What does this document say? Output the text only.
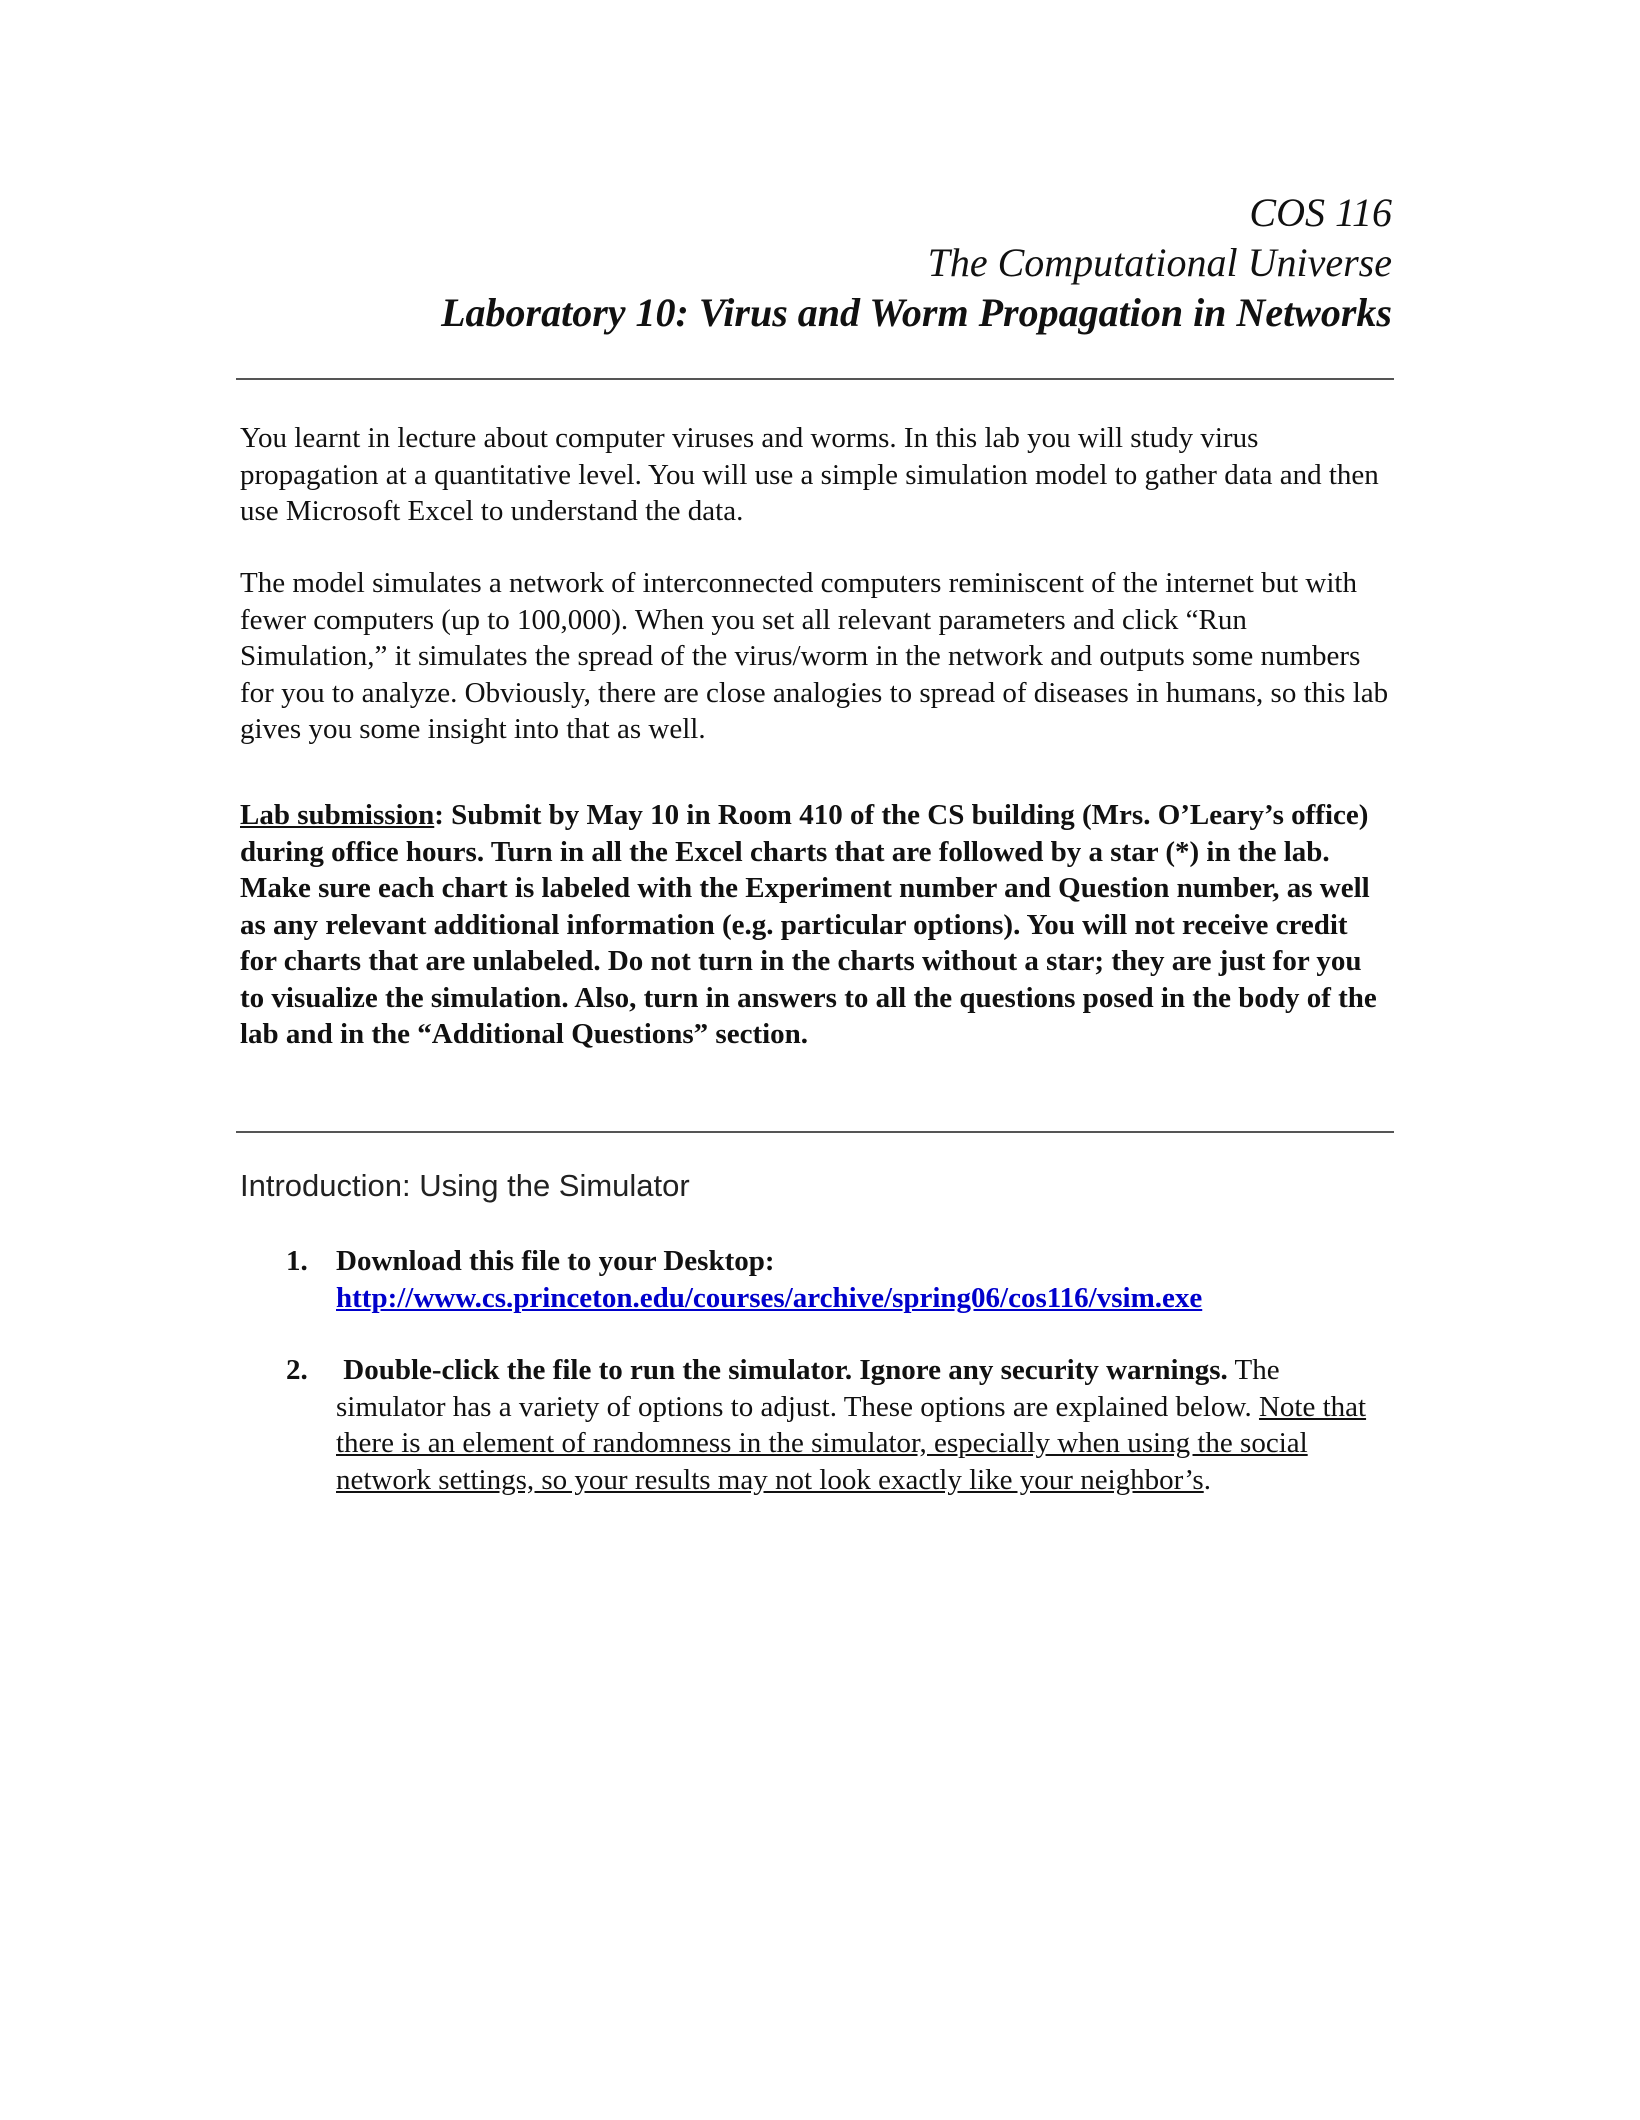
COS 116
The Computational Universe
Laboratory 10: Virus and Worm Propagation in Networks

You learnt in lecture about computer viruses and worms. In this lab you will study virus propagation at a quantitative level. You will use a simple simulation model to gather data and then use Microsoft Excel to understand the data.

The model simulates a network of interconnected computers reminiscent of the internet but with fewer computers (up to 100,000). When you set all relevant parameters and click “Run Simulation,” it simulates the spread of the virus/worm in the network and outputs some numbers for you to analyze. Obviously, there are close analogies to spread of diseases in humans, so this lab gives you some insight into that as well.

Lab submission: Submit by May 10 in Room 410 of the CS building (Mrs. O’Leary’s office) during office hours. Turn in all the Excel charts that are followed by a star (*) in the lab. Make sure each chart is labeled with the Experiment number and Question number, as well as any relevant additional information (e.g. particular options). You will not receive credit for charts that are unlabeled. Do not turn in the charts without a star; they are just for you to visualize the simulation. Also, turn in answers to all the questions posed in the body of the lab and in the “Additional Questions” section.

Introduction: Using the Simulator
1. Download this file to your Desktop:
http://www.cs.princeton.edu/courses/archive/spring06/cos116/vsim.exe
2. Double-click the file to run the simulator. Ignore any security warnings. The simulator has a variety of options to adjust. These options are explained below. Note that there is an element of randomness in the simulator, especially when using the social network settings, so your results may not look exactly like your neighbor’s.
